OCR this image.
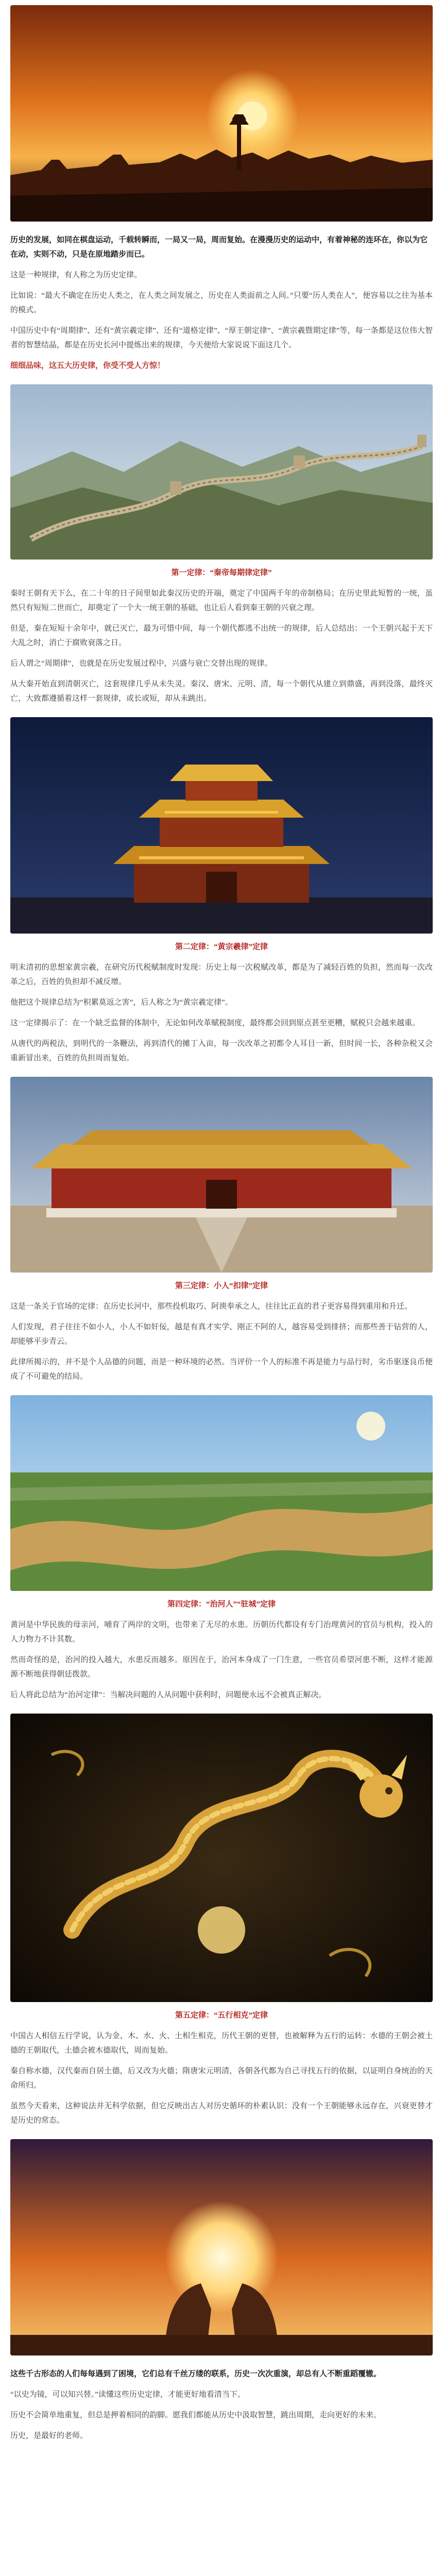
历史的发展，如同在棋盘运动，千载转瞬而，一局又一局，周而复始。在漫漫历史的运动中，有着神秘的连环在，你以为它在动，实则不动，只是在原地踏步而已。

这是一种规律，有人称之为历史定律。

比如说：“最大不确定在历史人类之，在人类之间发展之，历史在人类面前之人间。”只要“历人类在人”，便容易以之往为基本的模式。

中国历史中有“周期律”、还有“黄宗羲定律”、还有“道格定律”、“厚王朝定律”、“黄宗羲暨期定律”等，每一条都是这位伟大智者的智慧结晶，都是在历史长河中提炼出来的规律，今天便给大家说说下面这几个。

细细品味，这五大历史律，你受不受人方惊！

第一定律：“秦帝每期律定律”

秦时王朝有天下么，在二十年的日子间里如此秦汉历史的开端，奠定了中国两千年的帝制格局；在历史里此短暂的一统，虽然只有短短二世而亡，却奠定了一个大一统王朝的基础，也让后人看到秦王朝的兴衰之理。

但是，秦在短短十余年中，就已灭亡，最为可惜中间，每一个朝代都逃不出统一的规律，后人总结出：一个王朝兴起于天下大乱之时，消亡于腐败衰落之日。

后人谓之“周期律”，也就是在历史发展过程中，兴盛与衰亡交替出现的规律。

从大秦开始直到清朝灭亡，这套规律几乎从未失灵。秦汉、唐宋、元明、清，每一个朝代从建立到鼎盛，再到没落，最终灭亡，大致都遵循着这样一套规律，或长或短，却从未跳出。

第二定律：“黄宗羲律”定律

明末清初的思想家黄宗羲，在研究历代税赋制度时发现：历史上每一次税赋改革，都是为了减轻百姓的负担，然而每一次改革之后，百姓的负担却不减反增。

他把这个规律总结为“积累莫返之害”，后人称之为“黄宗羲定律”。

这一定律揭示了：在一个缺乏监督的体制中，无论如何改革赋税制度，最终都会回到原点甚至更糟，赋税只会越来越重。

从唐代的两税法，到明代的一条鞭法，再到清代的摊丁入亩，每一次改革之初都令人耳目一新，但时间一长，各种杂税又会重新冒出来，百姓的负担周而复始。

第三定律：小人“扣律”定律

这是一条关于官场的定律：在历史长河中，那些投机取巧、阿谀奉承之人，往往比正直的君子更容易得到重用和升迁。

人们发现，君子往往不如小人，小人不如奸佞，越是有真才实学、刚正不阿的人，越容易受到排挤；而那些善于钻营的人，却能够平步青云。

此律所揭示的，并不是个人品德的问题，而是一种环境的必然。当评价一个人的标准不再是能力与品行时，劣币驱逐良币便成了不可避免的结局。

第四定律：“治河人”“驻城”定律

黄河是中华民族的母亲河，哺育了两岸的文明，也带来了无尽的水患。历朝历代都设有专门治理黄河的官员与机构，投入的人力物力不计其数。

然而奇怪的是，治河的投入越大，水患反而越多。原因在于，治河本身成了一门生意，一些官员希望河患不断，这样才能源源不断地获得朝廷拨款。

后人将此总结为“治河定律”：当解决问题的人从问题中获利时，问题便永远不会被真正解决。

第五定律：“五行相克”定律

中国古人相信五行学说，认为金、木、水、火、土相生相克，历代王朝的更替，也被解释为五行的运转：水德的王朝会被土德的王朝取代，土德会被木德取代，周而复始。

秦自称水德，汉代秦而自居土德，后又改为火德；隋唐宋元明清，各朝各代都为自己寻找五行的依据，以证明自身统治的天命所归。

虽然今天看来，这种说法并无科学依据，但它反映出古人对历史循环的朴素认识：没有一个王朝能够永远存在，兴衰更替才是历史的常态。

这些千古形态的人们每每遇到了困境，它们总有千丝万缕的联系，历史一次次重演，却总有人不断重蹈覆辙。

“以史为镜，可以知兴替。”读懂这些历史定律，才能更好地看清当下。

历史不会简单地重复，但总是押着相同的韵脚。愿我们都能从历史中汲取智慧，跳出周期，走向更好的未来。

历史，是最好的老师。
